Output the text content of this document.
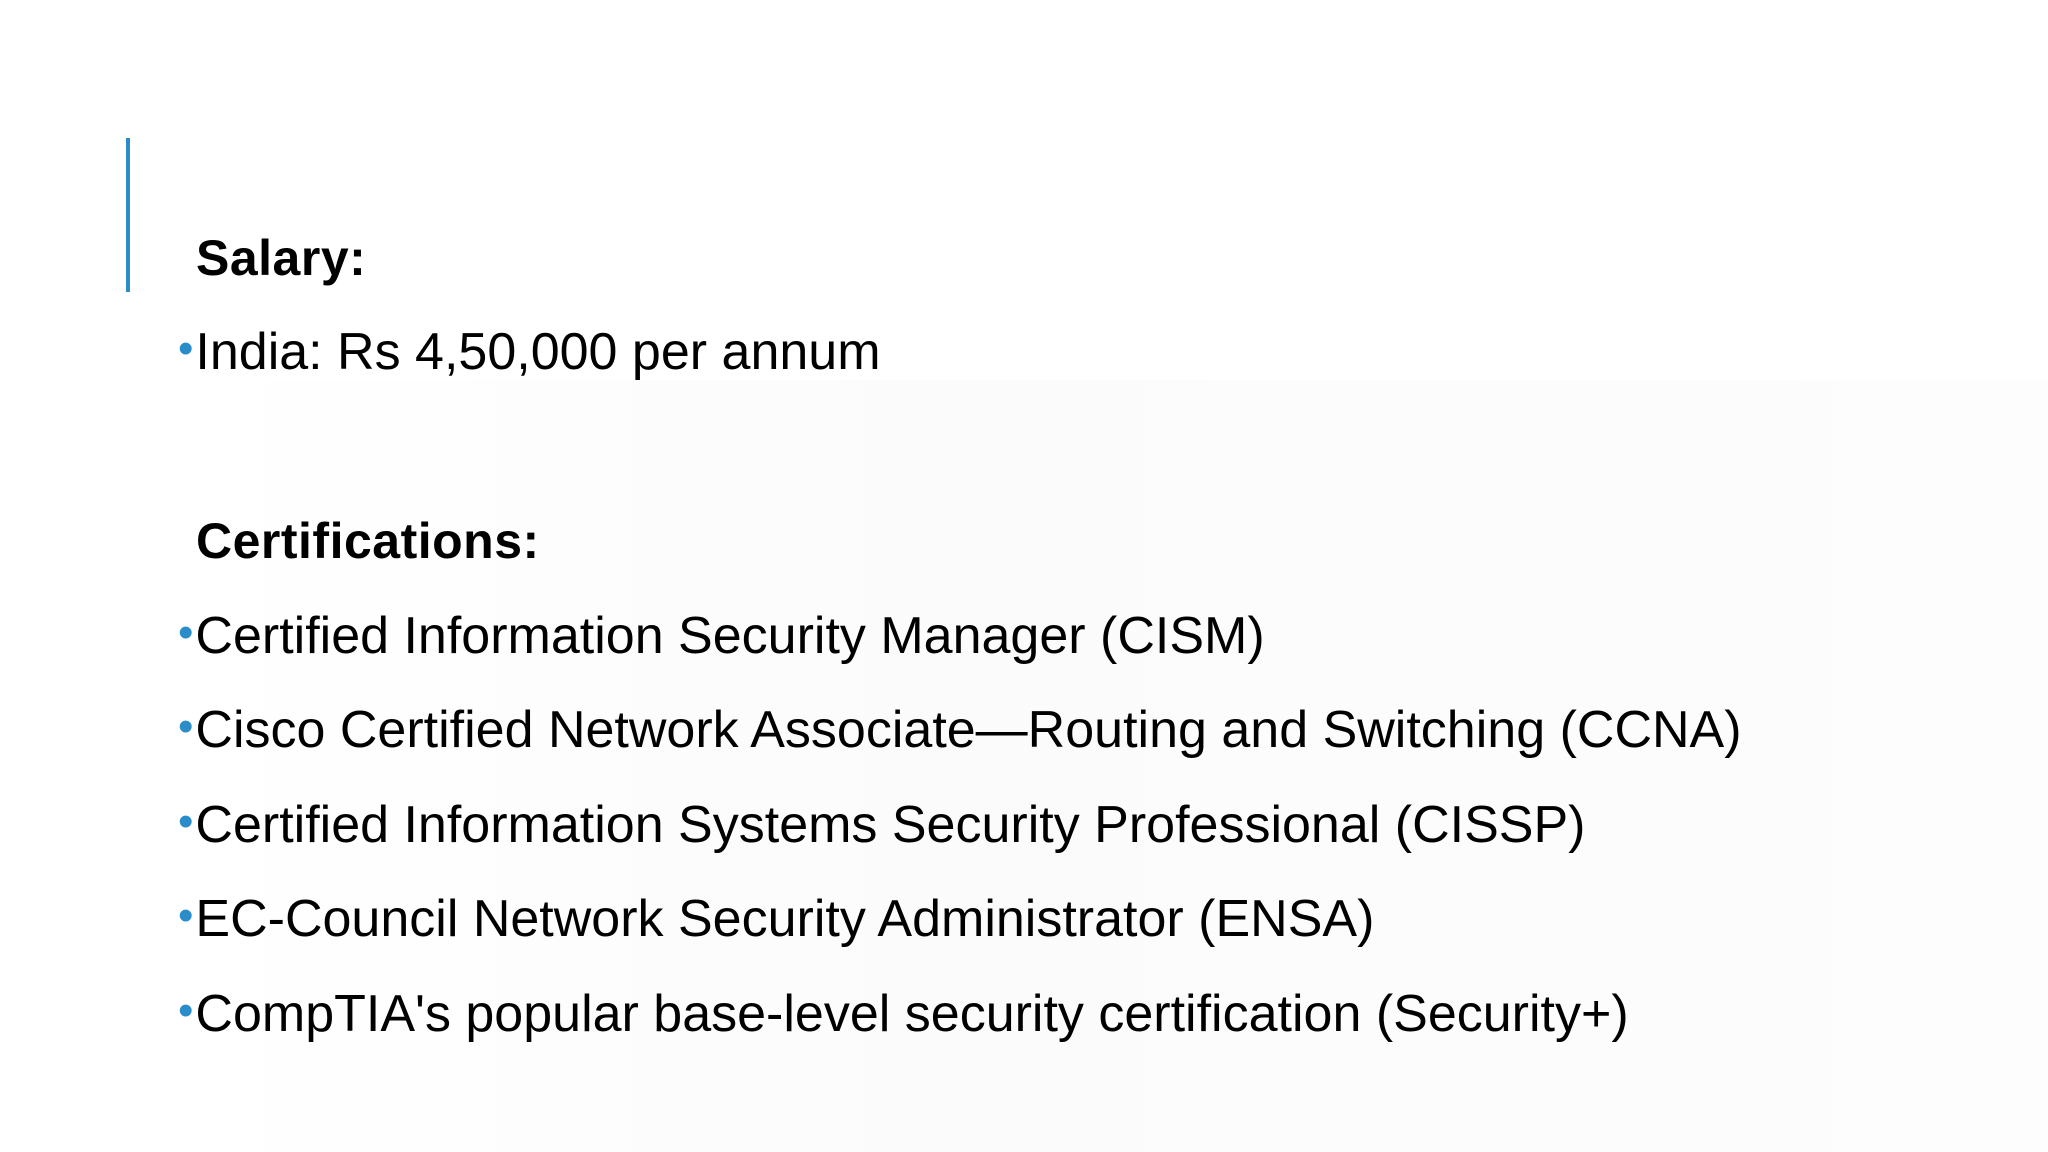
Salary:
•India: Rs 4,50,000 per annum
Certifications:
•Certified Information Security Manager (CISM)
•Cisco Certified Network Associate—Routing and Switching (CCNA)
•Certified Information Systems Security Professional (CISSP)
•EC-Council Network Security Administrator (ENSA)
•CompTIA's popular base-level security certification (Security+)
